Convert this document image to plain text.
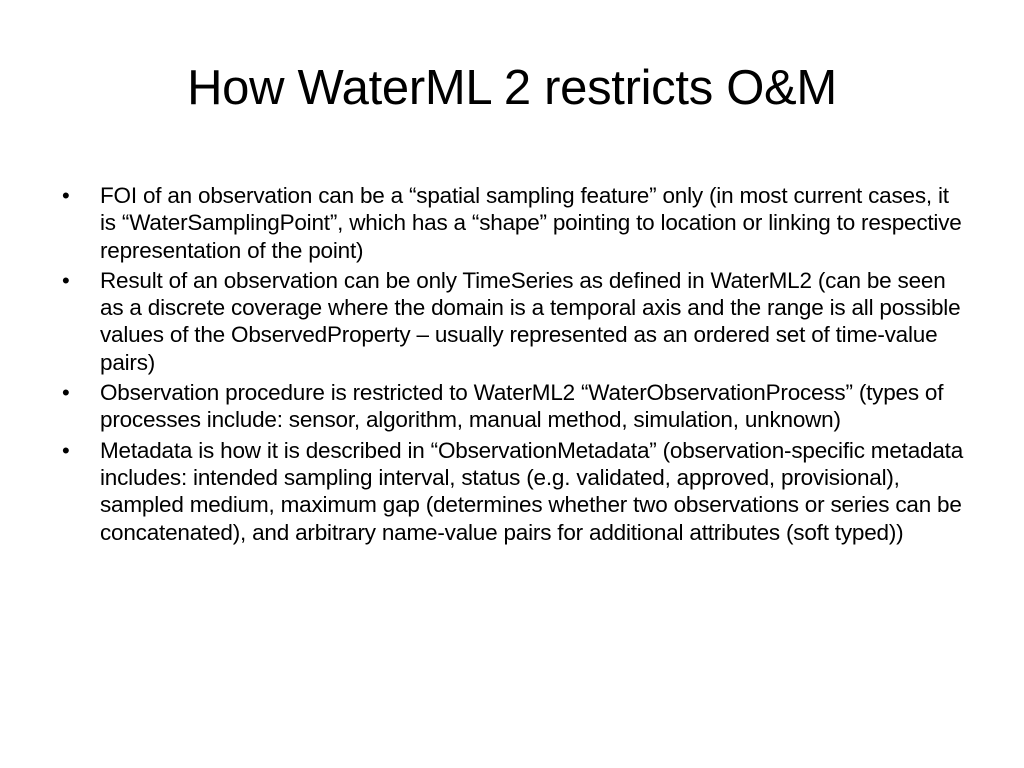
How WaterML 2 restricts O&M
• FOI of an observation can be a “spatial sampling feature” only (in most current cases, it is “WaterSamplingPoint”, which has a “shape” pointing to location or linking to respective representation of the point)
• Result of an observation can be only TimeSeries as defined in WaterML2 (can be seen as a discrete coverage where the domain is a temporal axis and the range is all possible values of the ObservedProperty – usually represented as an ordered set of time-value pairs)
• Observation procedure is restricted to WaterML2 “WaterObservationProcess” (types of processes include: sensor, algorithm, manual method, simulation, unknown)
• Metadata is how it is described in “ObservationMetadata” (observation-specific metadata includes: intended sampling interval, status (e.g. validated, approved, provisional), sampled medium, maximum gap (determines whether two observations or series can be concatenated), and arbitrary name-value pairs for additional attributes (soft typed))
